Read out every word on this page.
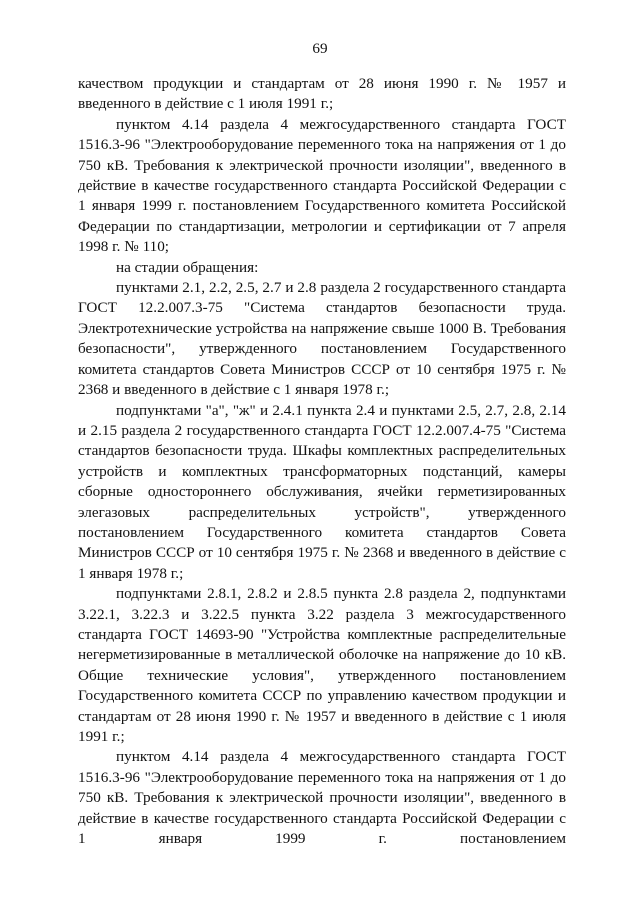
69

качеством продукции и стандартам от 28 июня 1990 г. № 1957 и введенного в действие с 1 июля 1991 г.;

пунктом 4.14 раздела 4 межгосударственного стандарта ГОСТ 1516.3-96 "Электрооборудование переменного тока на напряжения от 1 до 750 кВ. Требования к электрической прочности изоляции", введенного в действие в качестве государственного стандарта Российской Федерации с 1 января 1999 г. постановлением Государственного комитета Российской Федерации по стандартизации, метрологии и сертификации от 7 апреля 1998 г. № 110;

на стадии обращения:

пунктами 2.1, 2.2, 2.5, 2.7 и 2.8 раздела 2 государственного стандарта ГОСТ 12.2.007.3-75 "Система стандартов безопасности труда. Электротехнические устройства на напряжение свыше 1000 В. Требования безопасности", утвержденного постановлением Государственного комитета стандартов Совета Министров СССР от 10 сентября 1975 г. № 2368 и введенного в действие с 1 января 1978 г.;

подпунктами "а", "ж" и 2.4.1 пункта 2.4 и пунктами 2.5, 2.7, 2.8, 2.14 и 2.15 раздела 2 государственного стандарта ГОСТ 12.2.007.4-75 "Система стандартов безопасности труда. Шкафы комплектных распределительных устройств и комплектных трансформаторных подстанций, камеры сборные одностороннего обслуживания, ячейки герметизированных элегазовых распределительных устройств", утвержденного постановлением Государственного комитета стандартов Совета Министров СССР от 10 сентября 1975 г. № 2368 и введенного в действие с 1 января 1978 г.;

подпунктами 2.8.1, 2.8.2 и 2.8.5 пункта 2.8 раздела 2, подпунктами 3.22.1, 3.22.3 и 3.22.5 пункта 3.22 раздела 3 межгосударственного стандарта ГОСТ 14693-90 "Устройства комплектные распределительные негерметизированные в металлической оболочке на напряжение до 10 кВ. Общие технические условия", утвержденного постановлением Государственного комитета СССР по управлению качеством продукции и стандартам от 28 июня 1990 г. № 1957 и введенного в действие с 1 июля 1991 г.;

пунктом 4.14 раздела 4 межгосударственного стандарта ГОСТ 1516.3-96 "Электрооборудование переменного тока на напряжения от 1 до 750 кВ. Требования к электрической прочности изоляции", введенного в действие в качестве государственного стандарта Российской Федерации с 1 января 1999 г. постановлением
